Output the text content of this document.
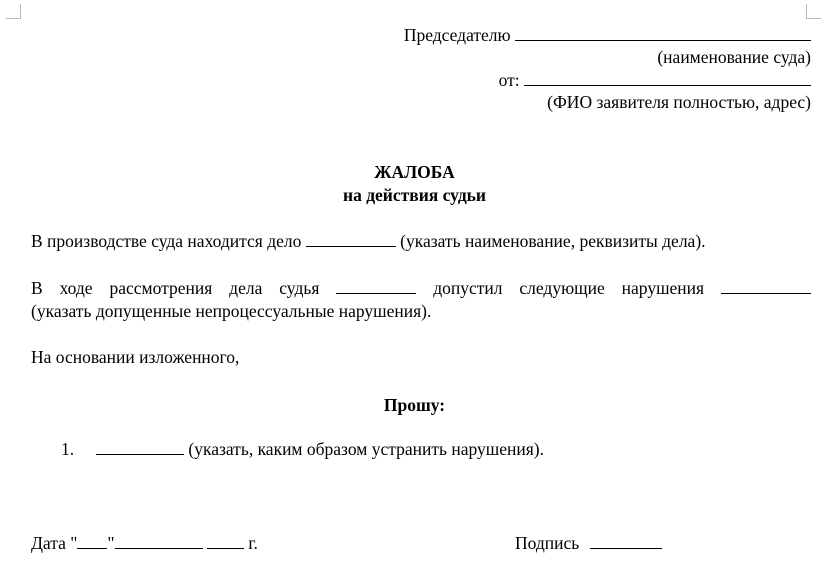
Председателю
(наименование суда)
от:
(ФИО заявителя полностью, адрес)
ЖАЛОБА
на действия судьи
В производстве суда находится дело	(указать наименование, реквизиты дела).
В ходе рассмотрения дела судья	допустил следующие нарушения
(указать допущенные непроцессуальные нарушения).
На основании изложенного,
Прошу:
1.	(указать, каким образом устранить нарушения).
Дата " "	г.	Подпись
